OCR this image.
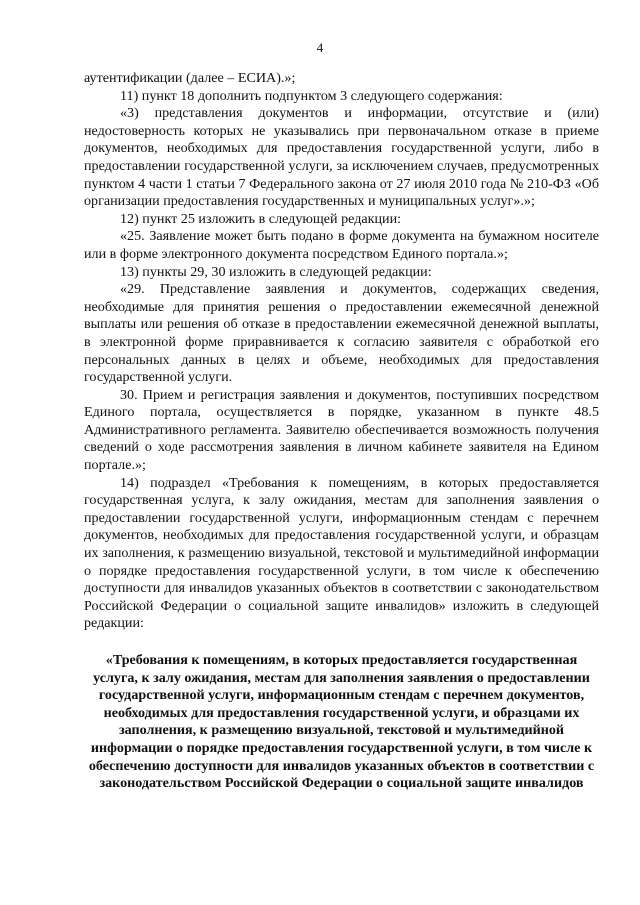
4

аутентификации (далее – ЕСИА).»;

11) пункт 18 дополнить подпунктом 3 следующего содержания:

«3) представления документов и информации, отсутствие и (или) недостоверность которых не указывались при первоначальном отказе в приеме документов, необходимых для предоставления государственной услуги, либо в предоставлении государственной услуги, за исключением случаев, предусмотренных пунктом 4 части 1 статьи 7 Федерального закона от 27 июля 2010 года № 210-ФЗ «Об организации предоставления государственных и муниципальных услуг».»;

12) пункт 25 изложить в следующей редакции:

«25. Заявление может быть подано в форме документа на бумажном носителе или в форме электронного документа посредством Единого портала.»;

13) пункты 29, 30 изложить в следующей редакции:

«29. Представление заявления и документов, содержащих сведения, необходимые для принятия решения о предоставлении ежемесячной денежной выплаты или решения об отказе в предоставлении ежемесячной денежной выплаты, в электронной форме приравнивается к согласию заявителя с обработкой его персональных данных в целях и объеме, необходимых для предоставления государственной услуги.

30. Прием и регистрация заявления и документов, поступивших посредством Единого портала, осуществляется в порядке, указанном в пункте 48.5 Административного регламента. Заявителю обеспечивается возможность получения сведений о ходе рассмотрения заявления в личном кабинете заявителя на Едином портале.»;

14) подраздел «Требования к помещениям, в которых предоставляется государственная услуга, к залу ожидания, местам для заполнения заявления о предоставлении государственной услуги, информационным стендам с перечнем документов, необходимых для предоставления государственной услуги, и образцам их заполнения, к размещению визуальной, текстовой и мультимедийной информации о порядке предоставления государственной услуги, в том числе к обеспечению доступности для инвалидов указанных объектов в соответствии с законодательством Российской Федерации о социальной защите инвалидов» изложить в следующей редакции:

«Требования к помещениям, в которых предоставляется государственная услуга, к залу ожидания, местам для заполнения заявления о предоставлении государственной услуги, информационным стендам с перечнем документов, необходимых для предоставления государственной услуги, и образцами их заполнения, к размещению визуальной, текстовой и мультимедийной информации о порядке предоставления государственной услуги, в том числе к обеспечению доступности для инвалидов указанных объектов в соответствии с законодательством Российской Федерации о социальной защите инвалидов
